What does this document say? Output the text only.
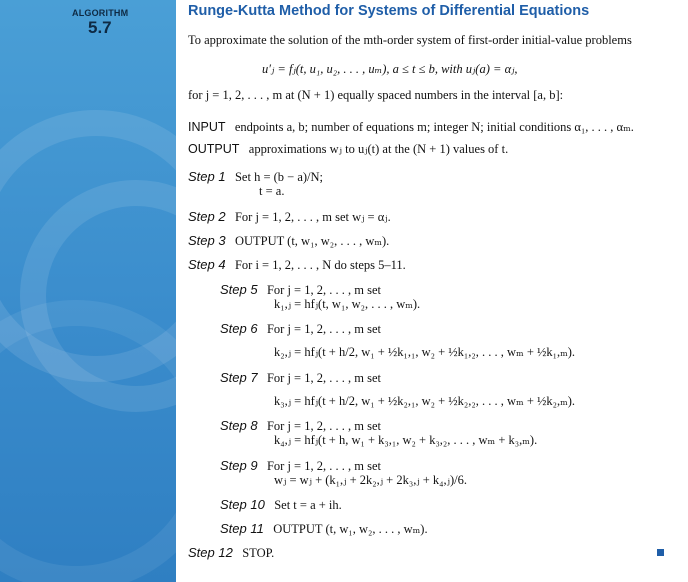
ALGORITHM
5.7
Runge-Kutta Method for Systems of Differential Equations
To approximate the solution of the mth-order system of first-order initial-value problems
u′ⱼ = fⱼ(t, u₁, u₂, . . . , uₘ), a ≤ t ≤ b, with uⱼ(a) = αⱼ,
for j = 1, 2, . . . , m at (N + 1) equally spaced numbers in the interval [a, b]:
INPUT endpoints a, b; number of equations m; integer N; initial conditions α₁, . . . , αₘ.
OUTPUT approximations wⱼ to uⱼ(t) at the (N + 1) values of t.
Step 1 Set h = (b − a)/N;
t = a.
Step 2 For j = 1, 2, . . . , m set wⱼ = αⱼ.
Step 3 OUTPUT (t, w₁, w₂, . . . , wₘ).
Step 4 For i = 1, 2, . . . , N do steps 5–11.
Step 5 For j = 1, 2, . . . , m set
k₁,ⱼ = hfⱼ(t, w₁, w₂, . . . , wₘ).
Step 6 For j = 1, 2, . . . , m set
k₂,ⱼ = hfⱼ(t + h/2, w₁ + ½k₁,₁, w₂ + ½k₁,₂, . . . , wₘ + ½k₁,ₘ).
Step 7 For j = 1, 2, . . . , m set
k₃,ⱼ = hfⱼ(t + h/2, w₁ + ½k₂,₁, w₂ + ½k₂,₂, . . . , wₘ + ½k₂,ₘ).
Step 8 For j = 1, 2, . . . , m set
k₄,ⱼ = hfⱼ(t + h, w₁ + k₃,₁, w₂ + k₃,₂, . . . , wₘ + k₃,ₘ).
Step 9 For j = 1, 2, . . . , m set
wⱼ = wⱼ + (k₁,ⱼ + 2k₂,ⱼ + 2k₃,ⱼ + k₄,ⱼ)/6.
Step 10 Set t = a + ih.
Step 11 OUTPUT (t, w₁, w₂, . . . , wₘ).
Step 12 STOP.
